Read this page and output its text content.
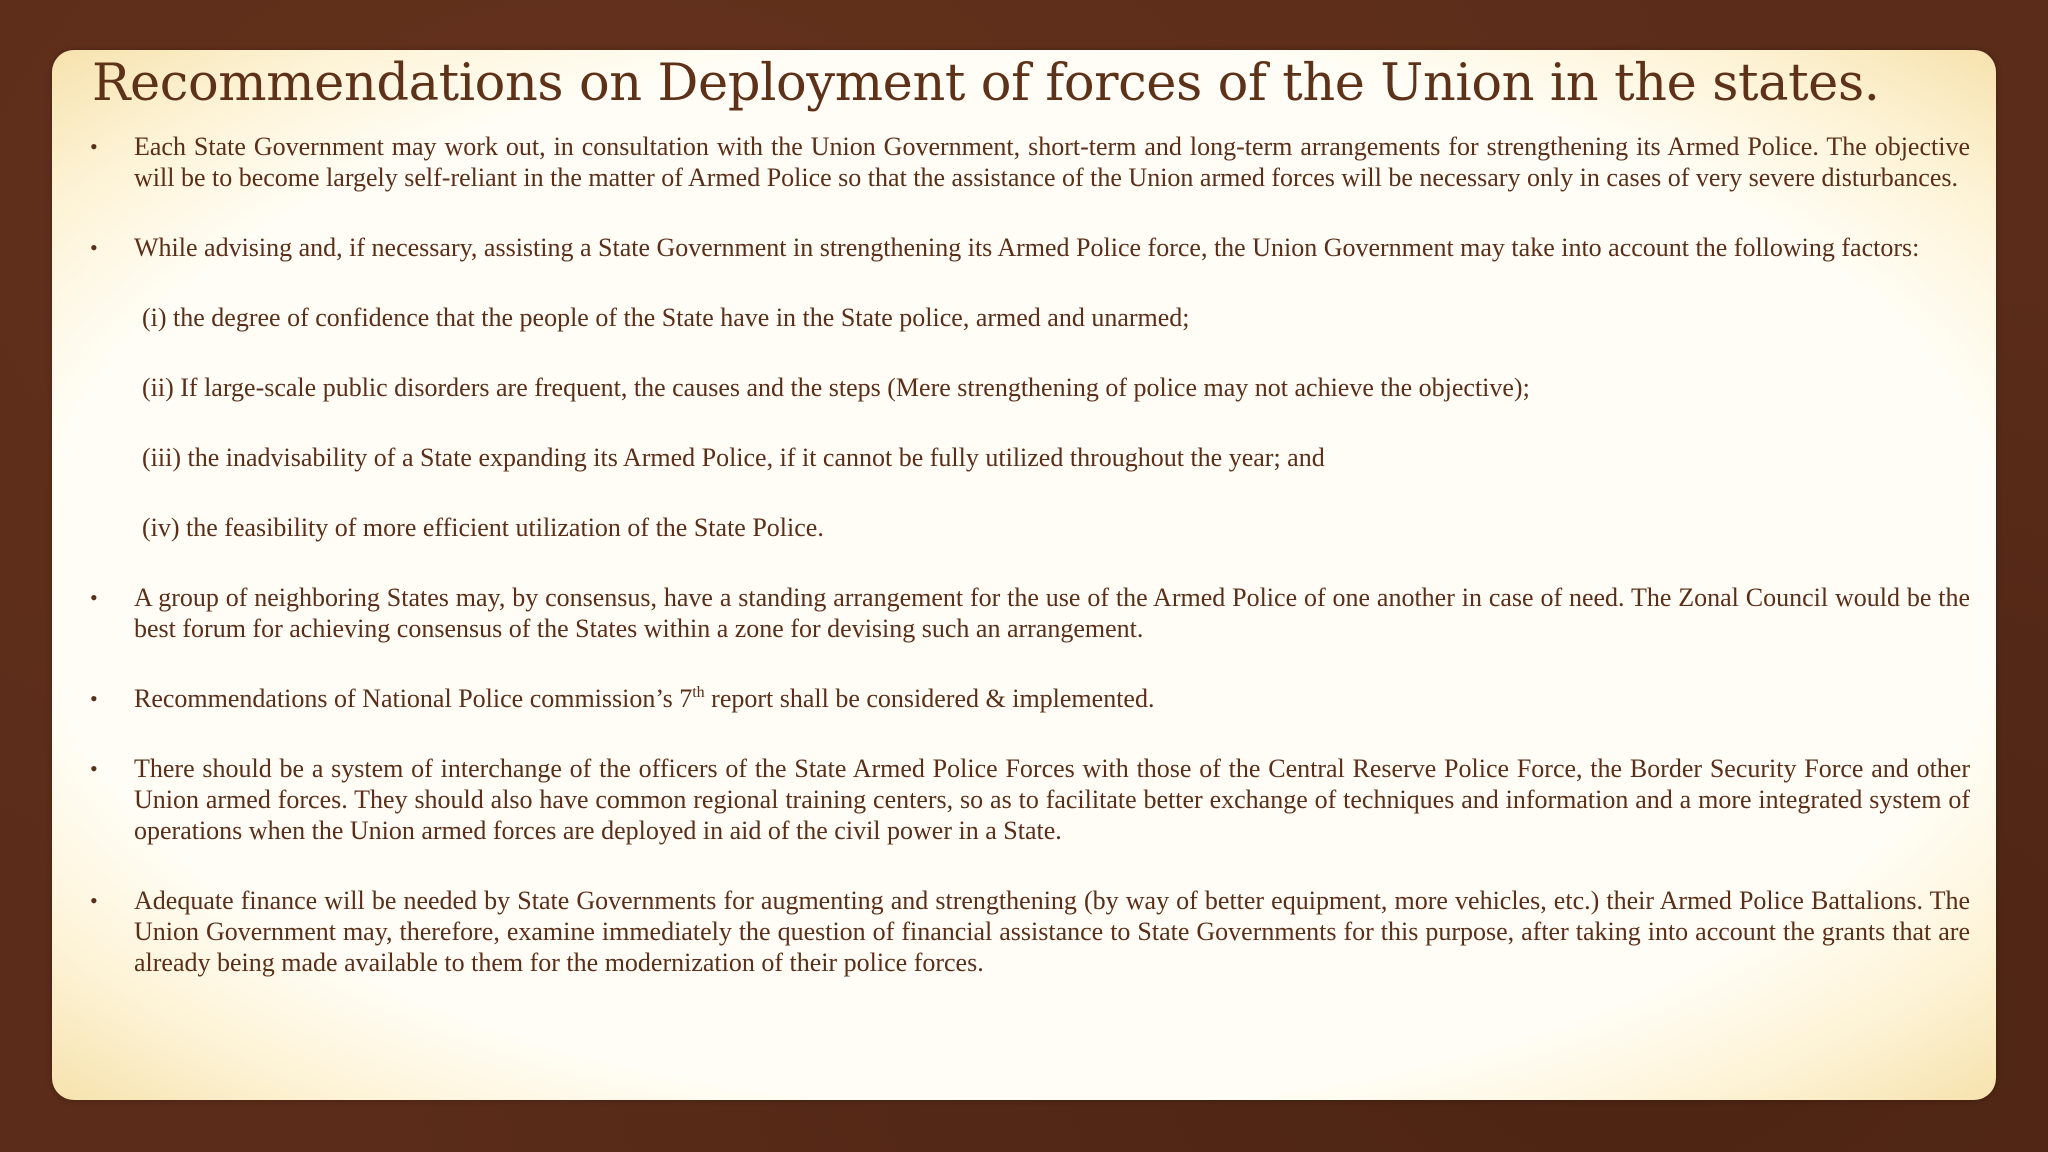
Recommendations on Deployment of forces of the Union in the states.
• Each State Government may work out, in consultation with the Union Government, short-term and long-term arrangements for strengthening its Armed Police. The objective will be to become largely self-reliant in the matter of Armed Police so that the assistance of the Union armed forces will be necessary only in cases of very severe disturbances.
• While advising and, if necessary, assisting a State Government in strengthening its Armed Police force, the Union Government may take into account the following factors:
(i) the degree of confidence that the people of the State have in the State police, armed and unarmed;
(ii) If large-scale public disorders are frequent, the causes and the steps (Mere strengthening of police may not achieve the objective);
(iii) the inadvisability of a State expanding its Armed Police, if it cannot be fully utilized throughout the year; and
(iv) the feasibility of more efficient utilization of the State Police.
• A group of neighboring States may, by consensus, have a standing arrangement for the use of the Armed Police of one another in case of need. The Zonal Council would be the best forum for achieving consensus of the States within a zone for devising such an arrangement.
• Recommendations of National Police commission’s 7th report shall be considered & implemented.
• There should be a system of interchange of the officers of the State Armed Police Forces with those of the Central Reserve Police Force, the Border Security Force and other Union armed forces. They should also have common regional training centers, so as to facilitate better exchange of techniques and information and a more integrated system of operations when the Union armed forces are deployed in aid of the civil power in a State.
• Adequate finance will be needed by State Governments for augmenting and strengthening (by way of better equipment, more vehicles, etc.) their Armed Police Battalions. The Union Government may, therefore, examine immediately the question of financial assistance to State Governments for this purpose, after taking into account the grants that are already being made available to them for the modernization of their police forces.
